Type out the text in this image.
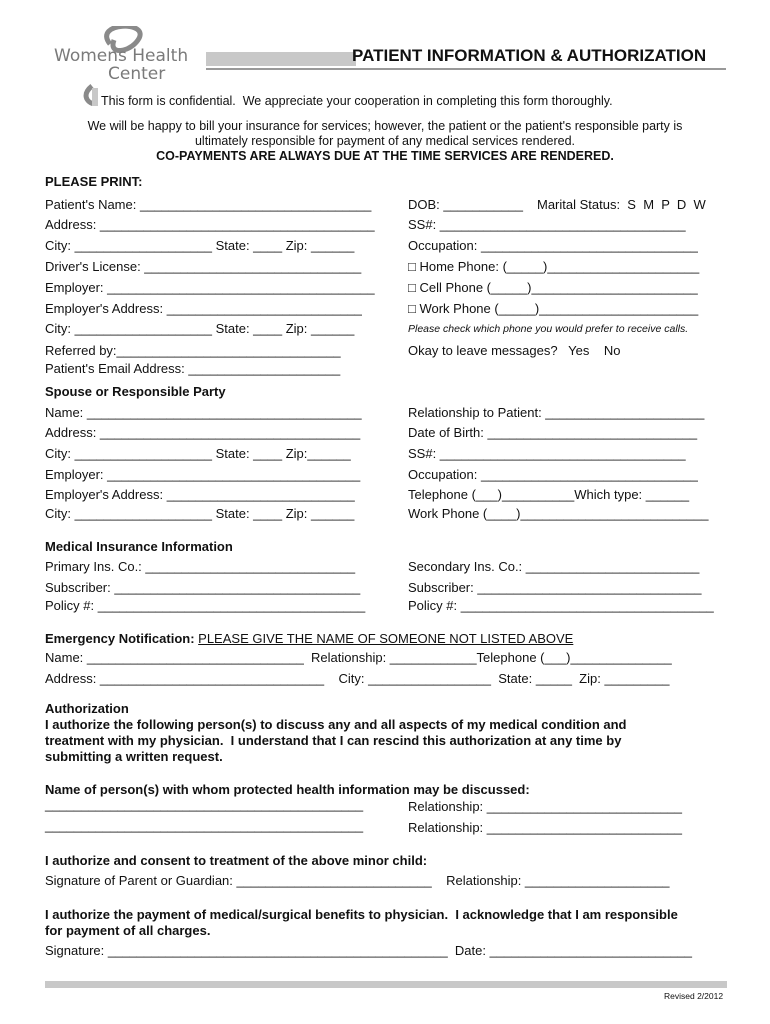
Womens Health
Center
PATIENT INFORMATION & AUTHORIZATION
This form is confidential.  We appreciate your cooperation in completing this form thoroughly.
We will be happy to bill your insurance for services; however, the patient or the patient's responsible party is
ultimately responsible for payment of any medical services rendered.
CO-PAYMENTS ARE ALWAYS DUE AT THE TIME SERVICES ARE RENDERED.
PLEASE PRINT:
Patient's Name: ________________________________
Address: ______________________________________
City: ___________________ State: ____ Zip: ______
Driver's License: ______________________________
Employer: _____________________________________
Employer's Address: ___________________________
City: ___________________ State: ____ Zip: ______
Referred by:_______________________________
Patient's Email Address: _____________________
DOB: ___________ Marital Status:  S  M  P  D  W
SS#: __________________________________
Occupation: ______________________________
□ Home Phone: (_____)_____________________
□ Cell Phone (_____)_______________________
□ Work Phone (_____)______________________
Please check which phone you would prefer to receive calls.
Okay to leave messages?   Yes    No
Spouse or Responsible Party
Name: ______________________________________
Address: ____________________________________
City: ___________________ State: ____ Zip:______
Employer: ___________________________________
Employer's Address: __________________________
City: ___________________ State: ____ Zip: ______
Relationship to Patient: ______________________
Date of Birth: _____________________________
SS#: __________________________________
Occupation: ______________________________
Telephone (___)__________Which type: ______
Work Phone (____)__________________________
Medical Insurance Information
Primary Ins. Co.: _____________________________
Subscriber: __________________________________
Policy #: _____________________________________
Secondary Ins. Co.: ________________________
Subscriber: _______________________________
Policy #: ___________________________________
Emergency Notification: PLEASE GIVE THE NAME OF SOMEONE NOT LISTED ABOVE
Name: ______________________________  Relationship: ____________Telephone (___)______________
Address: _______________________________    City: _________________  State: _____  Zip: _________
Authorization
I authorize the following person(s) to discuss any and all aspects of my medical condition and
treatment with my physician.  I understand that I can rescind this authorization at any time by
submitting a written request.
Name of person(s) with whom protected health information may be discussed:
____________________________________________	Relationship: ___________________________
____________________________________________	Relationship: ___________________________
I authorize and consent to treatment of the above minor child:
Signature of Parent or Guardian: ___________________________    Relationship: ____________________
I authorize the payment of medical/surgical benefits to physician.  I acknowledge that I am responsible
for payment of all charges.
Signature: _______________________________________________  Date: ____________________________
Revised 2/2012
